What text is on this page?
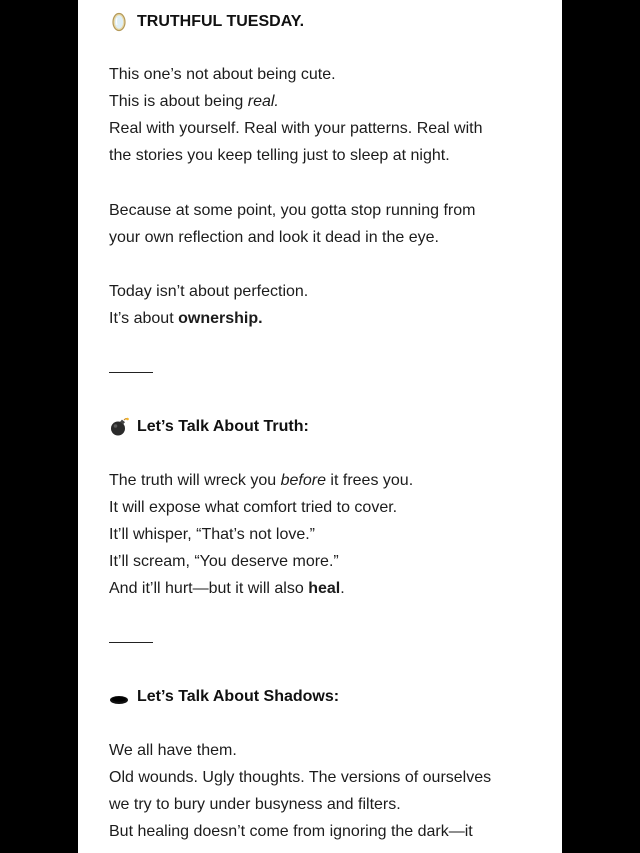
TRUTHFUL TUESDAY.
This one’s not about being cute.
This is about being real.
Real with yourself. Real with your patterns. Real with
the stories you keep telling just to sleep at night.
Because at some point, you gotta stop running from
your own reflection and look it dead in the eye.
Today isn’t about perfection.
It’s about ownership.
Let’s Talk About Truth:
The truth will wreck you before it frees you.
It will expose what comfort tried to cover.
It’ll whisper, “That’s not love.”
It’ll scream, “You deserve more.”
And it’ll hurt—but it will also heal.
Let’s Talk About Shadows:
We all have them.
Old wounds. Ugly thoughts. The versions of ourselves
we try to bury under busyness and filters.
But healing doesn’t come from ignoring the dark—it
